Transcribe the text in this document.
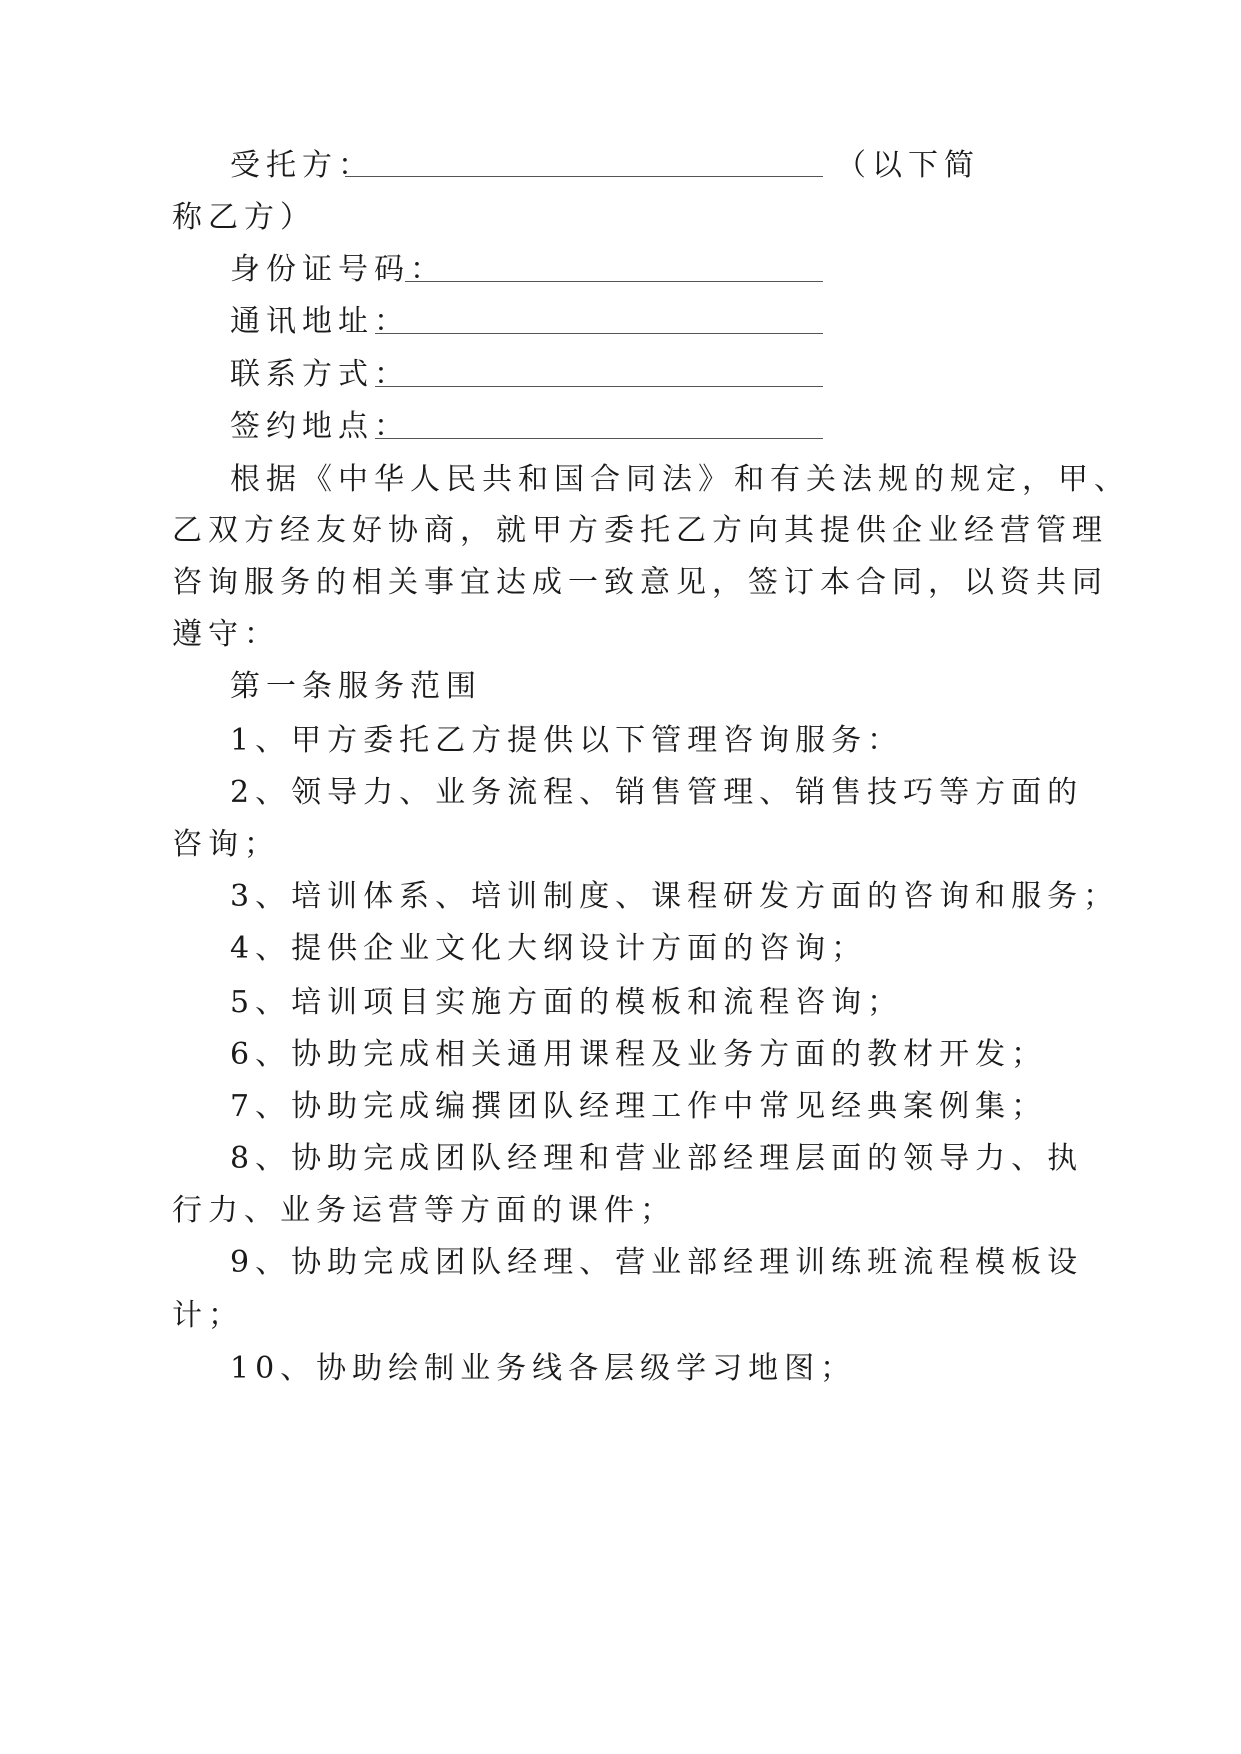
受托方：	（以下简
称乙方）
身份证号码：
通讯地址：
联系方式：
签约地点：
根据《中华人民共和国合同法》和有关法规的规定，甲、
乙双方经友好协商，就甲方委托乙方向其提供企业经营管理
咨询服务的相关事宜达成一致意见，签订本合同，以资共同
遵守：
第一条服务范围
1、甲方委托乙方提供以下管理咨询服务：
2、领导力、业务流程、销售管理、销售技巧等方面的
咨询；
3、培训体系、培训制度、课程研发方面的咨询和服务；
4、提供企业文化大纲设计方面的咨询；
5、培训项目实施方面的模板和流程咨询；
6、协助完成相关通用课程及业务方面的教材开发；
7、协助完成编撰团队经理工作中常见经典案例集；
8、协助完成团队经理和营业部经理层面的领导力、执
行力、业务运营等方面的课件；
9、协助完成团队经理、营业部经理训练班流程模板设
计；
10、协助绘制业务线各层级学习地图；
